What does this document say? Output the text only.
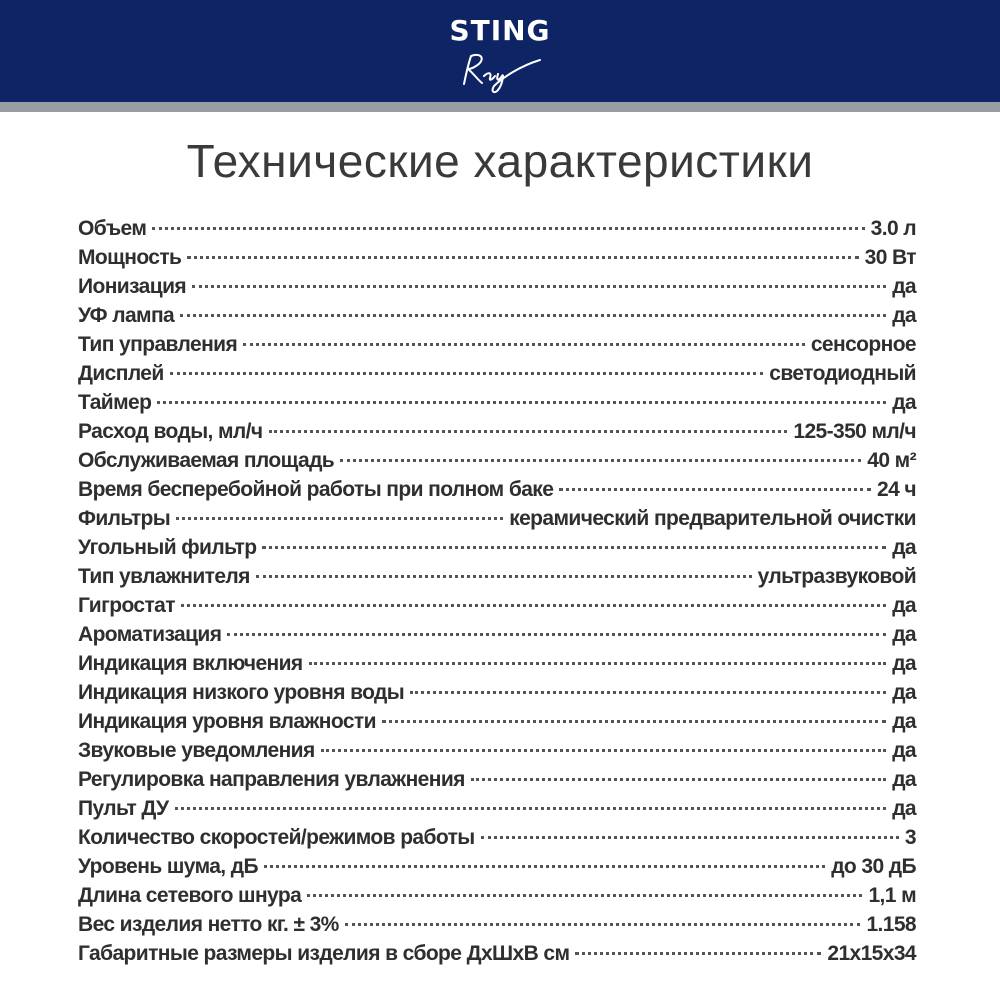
STING
Технические характеристики
Объем	3.0 л
Мощность	30 Вт
Ионизация	да
УФ лампа	да
Тип управления	сенсорное
Дисплей	светодиодный
Таймер	да
Расход воды, мл/ч	125-350 мл/ч
Обслуживаемая площадь	40 м²
Время бесперебойной работы при полном баке	24 ч
Фильтры	керамический предварительной очистки
Угольный фильтр	да
Тип увлажнителя	ультразвуковой
Гигростат	да
Ароматизация	да
Индикация включения	да
Индикация низкого уровня воды	да
Индикация уровня влажности	да
Звуковые уведомления	да
Регулировка направления увлажнения	да
Пульт ДУ	да
Количество скоростей/режимов работы	3
Уровень шума, дБ	до 30 дБ
Длина сетевого шнура	1,1 м
Вес изделия нетто кг. ± 3%	1.158
Габаритные размеры изделия в сборе ДхШхВ см	21x15x34
